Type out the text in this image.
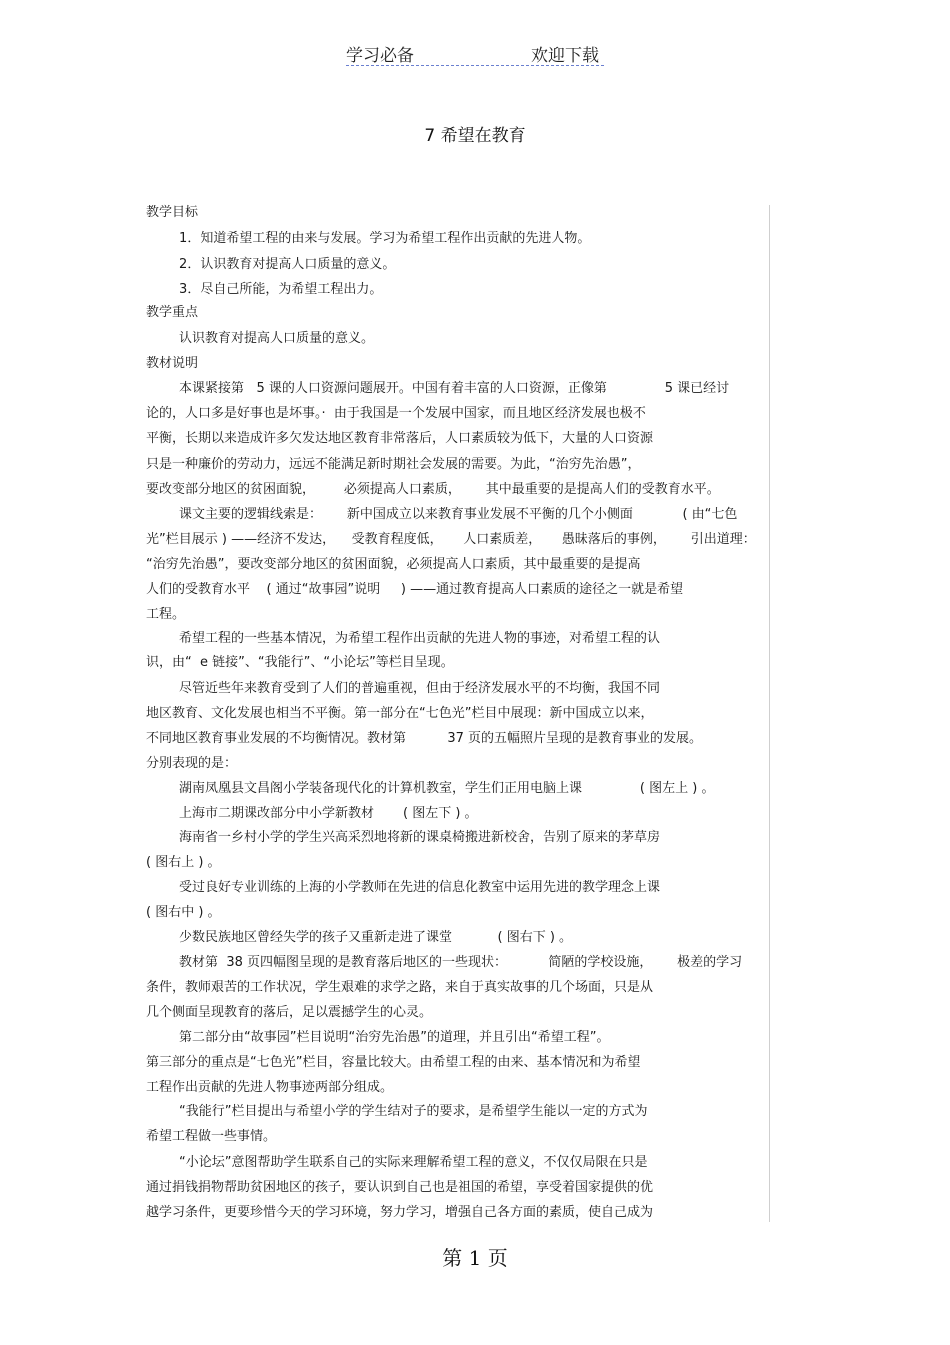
学习必备	欢迎下载
7 希望在教育
教学目标
1．知道希望工程的由来与发展。学习为希望工程作出贡献的先进人物。
2．认识教育对提高人口质量的意义。
3．尽自己所能，为希望工程出力。
教学重点
认识教育对提高人口质量的意义。
教材说明
本课紧接第   5 课的人口资源问题展开。中国有着丰富的人口资源，正像第              5 课已经讨
论的，人口多是好事也是坏事。·  由于我国是一个发展中国家，而且地区经济发展也极不
平衡，长期以来造成许多欠发达地区教育非常落后，人口素质较为低下，大量的人口资源
只是一种廉价的劳动力，远远不能满足新时期社会发展的需要。为此，“治穷先治愚”，
要改变部分地区的贫困面貌，       必须提高人口素质，      其中最重要的是提高人们的受教育水平。
课文主要的逻辑线索是：      新中国成立以来教育事业发展不平衡的几个小侧面            ( 由“七色
光”栏目展示 ) ——经济不发达，    受教育程度低，     人口素质差，     愚昧落后的事例，      引出道理：
“治穷先治愚”，要改变部分地区的贫困面貌，必须提高人口素质，其中最重要的是提高
人们的受教育水平    ( 通过“故事园”说明     ) ——通过教育提高人口素质的途径之一就是希望
工程。
希望工程的一些基本情况，为希望工程作出贡献的先进人物的事迹，对希望工程的认
识，由“  e 链接”、“我能行”、“小论坛”等栏目呈现。
尽管近些年来教育受到了人们的普遍重视，但由于经济发展水平的不均衡，我国不同
地区教育、文化发展也相当不平衡。第一部分在“七色光”栏目中展现：新中国成立以来，
不同地区教育事业发展的不均衡情况。教材第          37 页的五幅照片呈现的是教育事业的发展。
分别表现的是：
湖南凤凰县文昌阁小学装备现代化的计算机教室，学生们正用电脑上课              ( 图左上 ) 。
上海市二期课改部分中小学新教材       ( 图左下 ) 。
海南省一乡村小学的学生兴高采烈地将新的课桌椅搬进新校舍，告别了原来的茅草房
( 图右上 ) 。
受过良好专业训练的上海的小学教师在先进的信息化教室中运用先进的教学理念上课
( 图右中 ) 。
少数民族地区曾经失学的孩子又重新走进了课堂           ( 图右下 ) 。
教材第  38 页四幅图呈现的是教育落后地区的一些现状：          简陋的学校设施，      极差的学习
条件，教师艰苦的工作状况，学生艰难的求学之路，来自于真实故事的几个场面，只是从
几个侧面呈现教育的落后，足以震撼学生的心灵。
第二部分由“故事园”栏目说明“治穷先治愚”的道理，并且引出“希望工程”。
第三部分的重点是“七色光”栏目，容量比较大。由希望工程的由来、基本情况和为希望
工程作出贡献的先进人物事迹两部分组成。
“我能行”栏目提出与希望小学的学生结对子的要求，是希望学生能以一定的方式为
希望工程做一些事情。
“小论坛”意图帮助学生联系自己的实际来理解希望工程的意义，不仅仅局限在只是
通过捐钱捐物帮助贫困地区的孩子，要认识到自己也是祖国的希望，享受着国家提供的优
越学习条件，更要珍惜今天的学习环境，努力学习，增强自己各方面的素质，使自己成为
第 1 页
